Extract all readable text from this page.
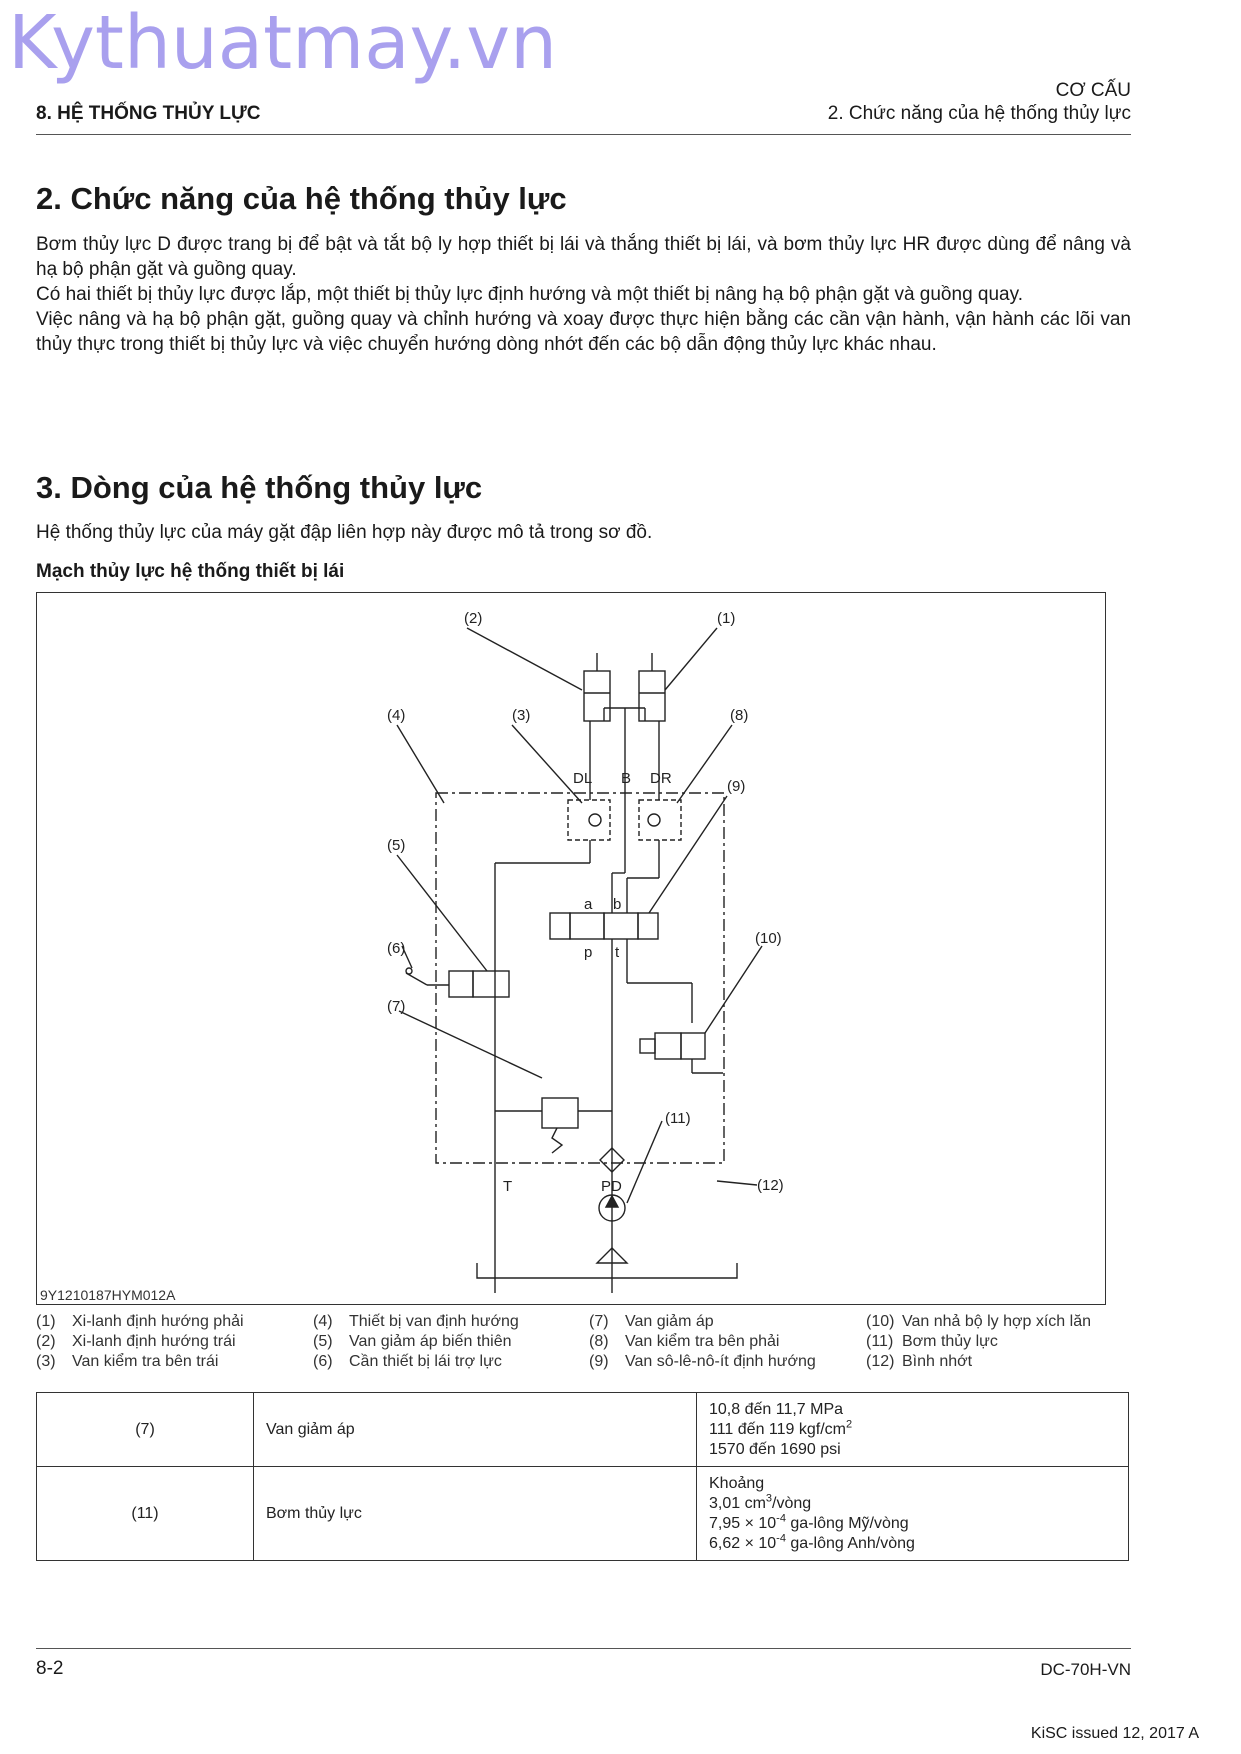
Kythuatmay.vn
8. HỆ THỐNG THỦY LỰC
CƠ CẤU
2. Chức năng của hệ thống thủy lực
2. Chức năng của hệ thống thủy lực

Bơm thủy lực D được trang bị để bật và tắt bộ ly hợp thiết bị lái và thắng thiết bị lái, và bơm thủy lực HR được dùng để nâng và hạ bộ phận gặt và guồng quay.

Có hai thiết bị thủy lực được lắp, một thiết bị thủy lực định hướng và một thiết bị nâng hạ bộ phận gặt và guồng quay.

Việc nâng và hạ bộ phận gặt, guồng quay và chỉnh hướng và xoay được thực hiện bằng các cần vận hành, vận hành các lõi van thủy thực trong thiết bị thủy lực và việc chuyển hướng dòng nhớt đến các bộ dẫn động thủy lực khác nhau.

3. Dòng của hệ thống thủy lực
Hệ thống thủy lực của máy gặt đập liên hợp này được mô tả trong sơ đồ.
Mạch thủy lực hệ thống thiết bị lái
(1)
(2)
(3)
(4)
(5)
(6)
(7)
(8)
(9)
(10)
(11)
(12)
DL B DR
a b
p t
T	PD
9Y1210187HYM012A
(1) Xi-lanh định hướng phải
(2) Xi-lanh định hướng trái
(3) Van kiểm tra bên trái
(4) Thiết bị van định hướng
(5) Van giảm áp biến thiên
(6) Cần thiết bị lái trợ lực
(7) Van giảm áp
(8) Van kiểm tra bên phải
(9) Van sô-lê-nô-ít định hướng
(10) Van nhả bộ ly hợp xích lăn
(11) Bơm thủy lực
(12) Bình nhớt
(7)	Van giảm áp	10,8 đến 11,7 MPa
111 đến 119 kgf/$cm^2$
1570 đến 1690 psi

(11)	Bơm thủy lực	Khoảng
3,01 $cm^3$/vòng
$7,95 \times 10^{-4}$ ga-lông Mỹ/vòng
$6,62 \times 10^{-4}$ ga-lông Anh/vòng
8-2	DC-70H-VN
KiSC issued 12, 2017 A
